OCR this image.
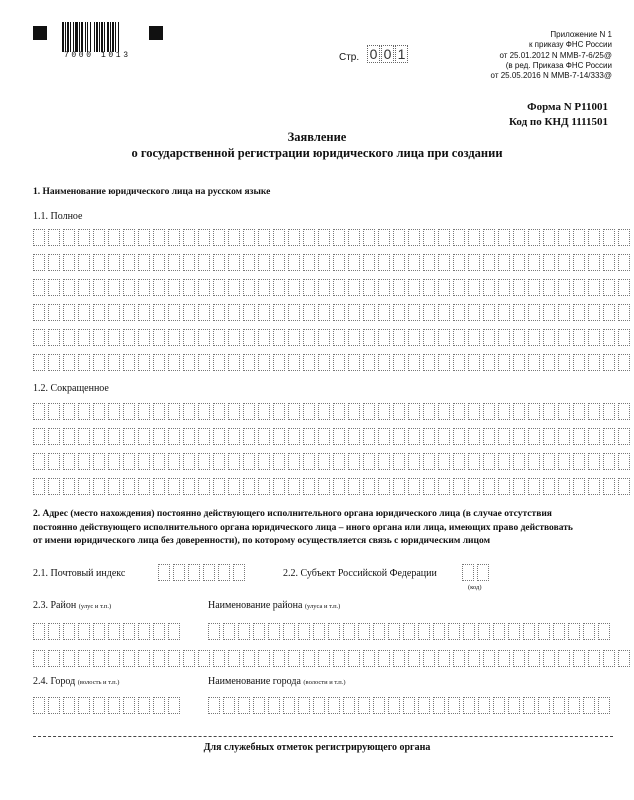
7000 1013
Приложение N 1
к приказу ФНС России
от 25.01.2012 N ММВ-7-6/25@
(в ред. Приказа ФНС России
от 25.05.2016 N ММВ-7-14/333@
Стр. 0 0 1
Форма N Р11001
Код по КНД 1111501
Заявление
о государственной регистрации юридического лица при создании
1. Наименование юридического лица на русском языке
1.1. Полное
1.2. Сокращенное
2. Адрес (место нахождения) постоянно действующего исполнительного органа юридического лица (в случае отсутствия
постоянно действующего исполнительного органа юридического лица – иного органа или лица, имеющих право действовать
от имени юридического лица без доверенности), по которому осуществляется связь с юридическим лицом
2.1. Почтовый индекс	2.2. Субъект Российской Федерации
(код)
2.3. Район (улус и т.п.)	Наименование района (улуса и т.п.)
2.4. Город (волость и т.п.)	Наименование города (волости и т.п.)
Для служебных отметок регистрирующего органа
